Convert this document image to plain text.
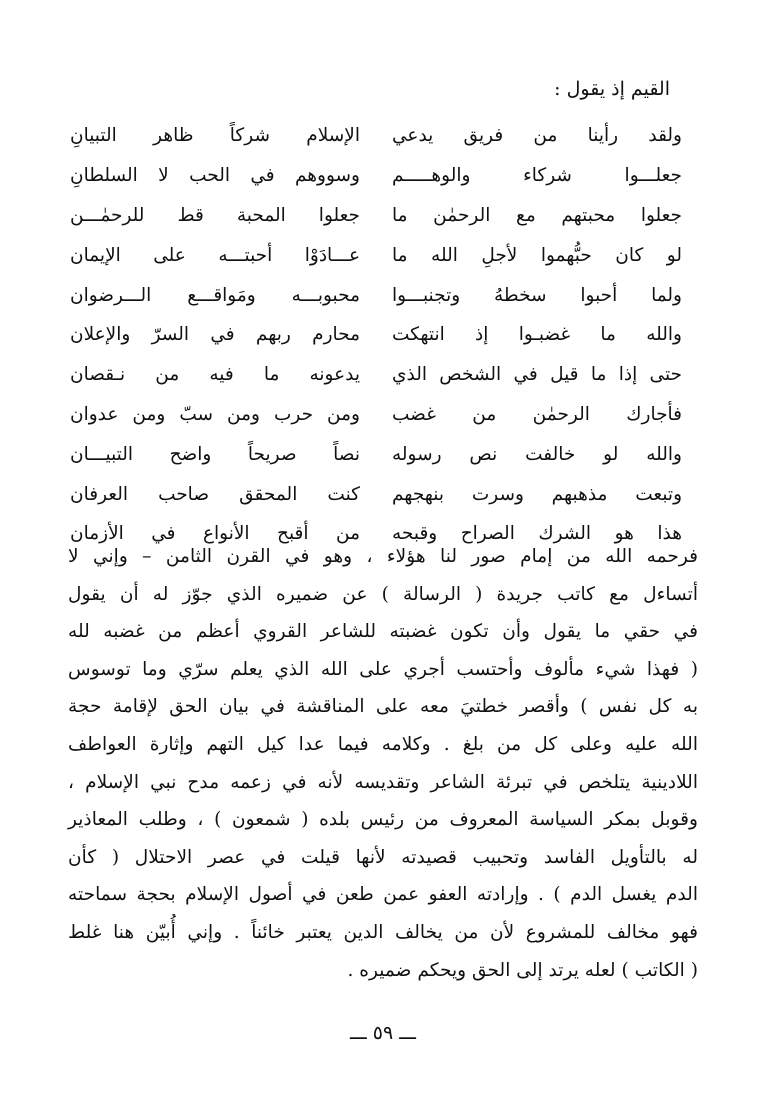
القيم إذ يقول :
ولقد رأينا من فريق يدعي
الإسلام شركاً ظاهر التبيانِ
جعلـــوا شركاء والوهـــــم
وسووهم في الحب لا السلطانِ
جعلوا محبتهم مع الرحمٰن ما
جعلوا المحبة قط للرحمٰـــن
لو كان حبُّهموا لأجلِ الله ما
عـــادَوْا أحبتـــه على الإيمان
ولما أحبوا سخطهُ وتجنبـــوا
محبوبـــه ومَواقـــع الـــرضوان
والله ما غضبـوا إذ انتهكت
محارم ربهم في السرّ والإعلان
حتى إذا ما قيل في الشخص الذي
يدعونه ما فيه من نـقصان
فأجارك الرحمٰن من غضب
ومن حرب ومن سبّ ومن عدوان
والله لو خالفت نص رسوله
نصاً صريحاً واضح التبيـــان
وتبعت مذهبهم وسرت بنهجهم
كنت المحقق صاحب العرفان
هذا هو الشرك الصراح وقبحه
من أقبح الأنواع في الأزمان
فرحمه الله من إمام صور لنا هؤلاء ، وهو في القرن الثامن – وإني لا
أتساءل مع كاتب جريدة ( الرسالة ) عن ضميره الذي جوّز له أن يقول
في حقي ما يقول وأن تكون غضبته للشاعر القروي أعظم من غضبه لله
( فهذا شيء مألوف وأحتسب أجري على الله الذي يعلم سرّي وما توسوس
به كل نفس ) وأقصر خطتيَ معه على المناقشة في بيان الحق لإقامة حجة
الله عليه وعلى كل من بلغ . وكلامه فيما عدا كيل التهم وإثارة العواطف
اللادينية يتلخص في تبرئة الشاعر وتقديسه لأنه في زعمه مدح نبي الإسلام ،
وقوبل بمكر السياسة المعروف من رئيس بلده ( شمعون ) ، وطلب المعاذير
له بالتأويل الفاسد وتحبيب قصيدته لأنها قيلت في عصر الاحتلال ( كأن
الدم يغسل الدم ) . وإرادته العفو عمن طعن في أصول الإسلام بحجة سماحته
فهو مخالف للمشروع لأن من يخالف الدين يعتبر خائناً . وإني أُبيّن هنا غلط
( الكاتب ) لعله يرتد إلى الحق ويحكم ضميره .
ـــ ٥٩ ـــ
